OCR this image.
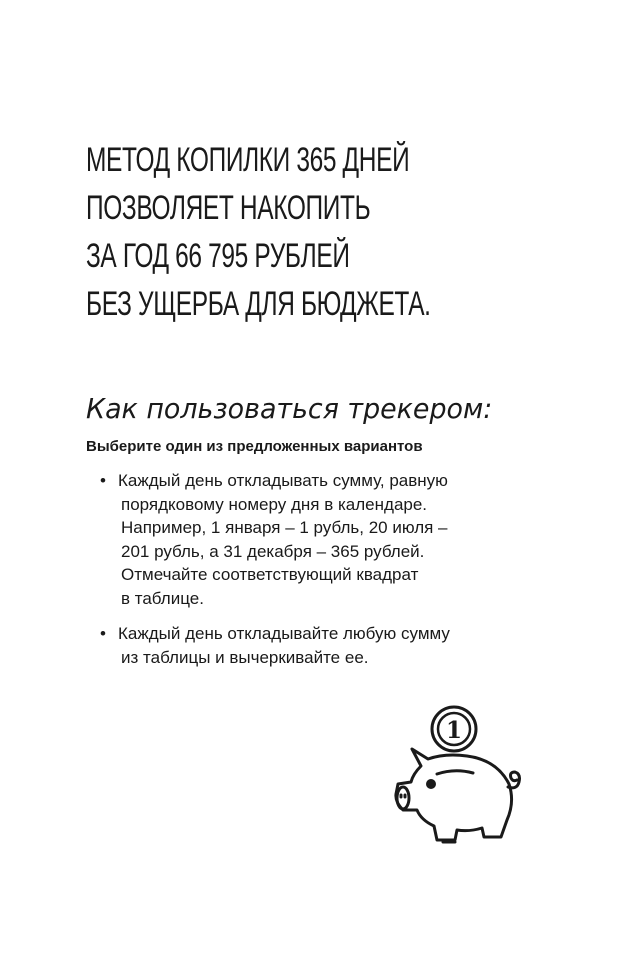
МЕТОД КОПИЛКИ 365 ДНЕЙ
ПОЗВОЛЯЕТ НАКОПИТЬ
ЗА ГОД 66 795 РУБЛЕЙ
БЕЗ УЩЕРБА ДЛЯ БЮДЖЕТА.
Как пользоваться трекером:
Выберите один из предложенных вариантов
• Каждый день откладывать сумму, равную
порядковому номеру дня в календаре.
Например, 1 января – 1 рубль, 20 июля –
201 рубль, а 31 декабря – 365 рублей.
Отмечайте соответствующий квадрат
в таблице.
• Каждый день откладывайте любую сумму
из таблицы и вычеркивайте ее.
1
